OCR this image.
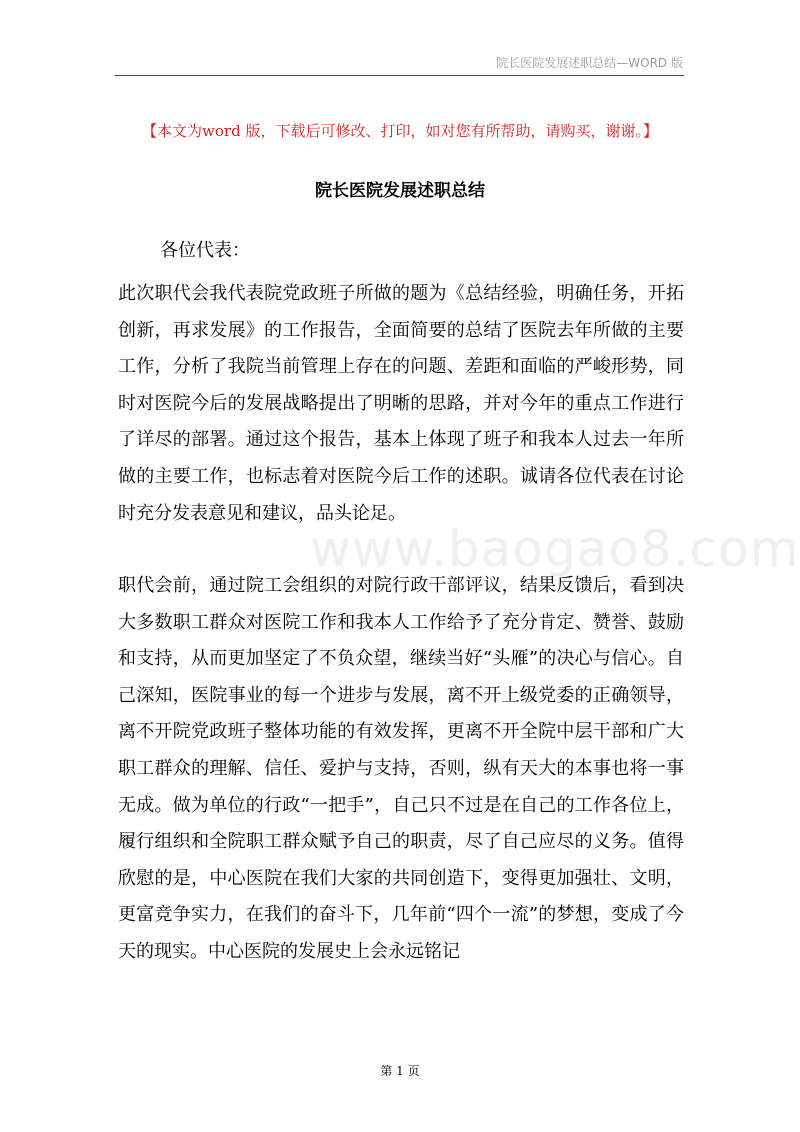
院长医院发展述职总结—WORD 版
【本文为word 版，下载后可修改、打印，如对您有所帮助，请购买，谢谢。】
院长医院发展述职总结
各位代表：

此次职代会我代表院党政班子所做的题为《总结经验，明确任务，开拓创新，再求发展》的工作报告，全面简要的总结了医院去年所做的主要工作，分析了我院当前管理上存在的问题、差距和面临的严峻形势，同时对医院今后的发展战略提出了明晰的思路，并对今年的重点工作进行了详尽的部署。通过这个报告，基本上体现了班子和我本人过去一年所做的主要工作，也标志着对医院今后工作的述职。诚请各位代表在讨论时充分发表意见和建议，品头论足。

职代会前，通过院工会组织的对院行政干部评议，结果反馈后，看到决大多数职工群众对医院工作和我本人工作给予了充分肯定、赞誉、鼓励和支持，从而更加坚定了不负众望，继续当好“头雁”的决心与信心。自己深知，医院事业的每一个进步与发展，离不开上级党委的正确领导，离不开院党政班子整体功能的有效发挥，更离不开全院中层干部和广大职工群众的理解、信任、爱护与支持，否则，纵有天大的本事也将一事无成。做为单位的行政“一把手”，自己只不过是在自己的工作各位上，履行组织和全院职工群众赋予自己的职责，尽了自己应尽的义务。值得欣慰的是，中心医院在我们大家的共同创造下，变得更加强壮、文明，更富竞争实力，在我们的奋斗下，几年前“四个一流”的梦想，变成了今天的现实。中心医院的发展史上会永远铭记

www.baogao8.com
第 1 页
